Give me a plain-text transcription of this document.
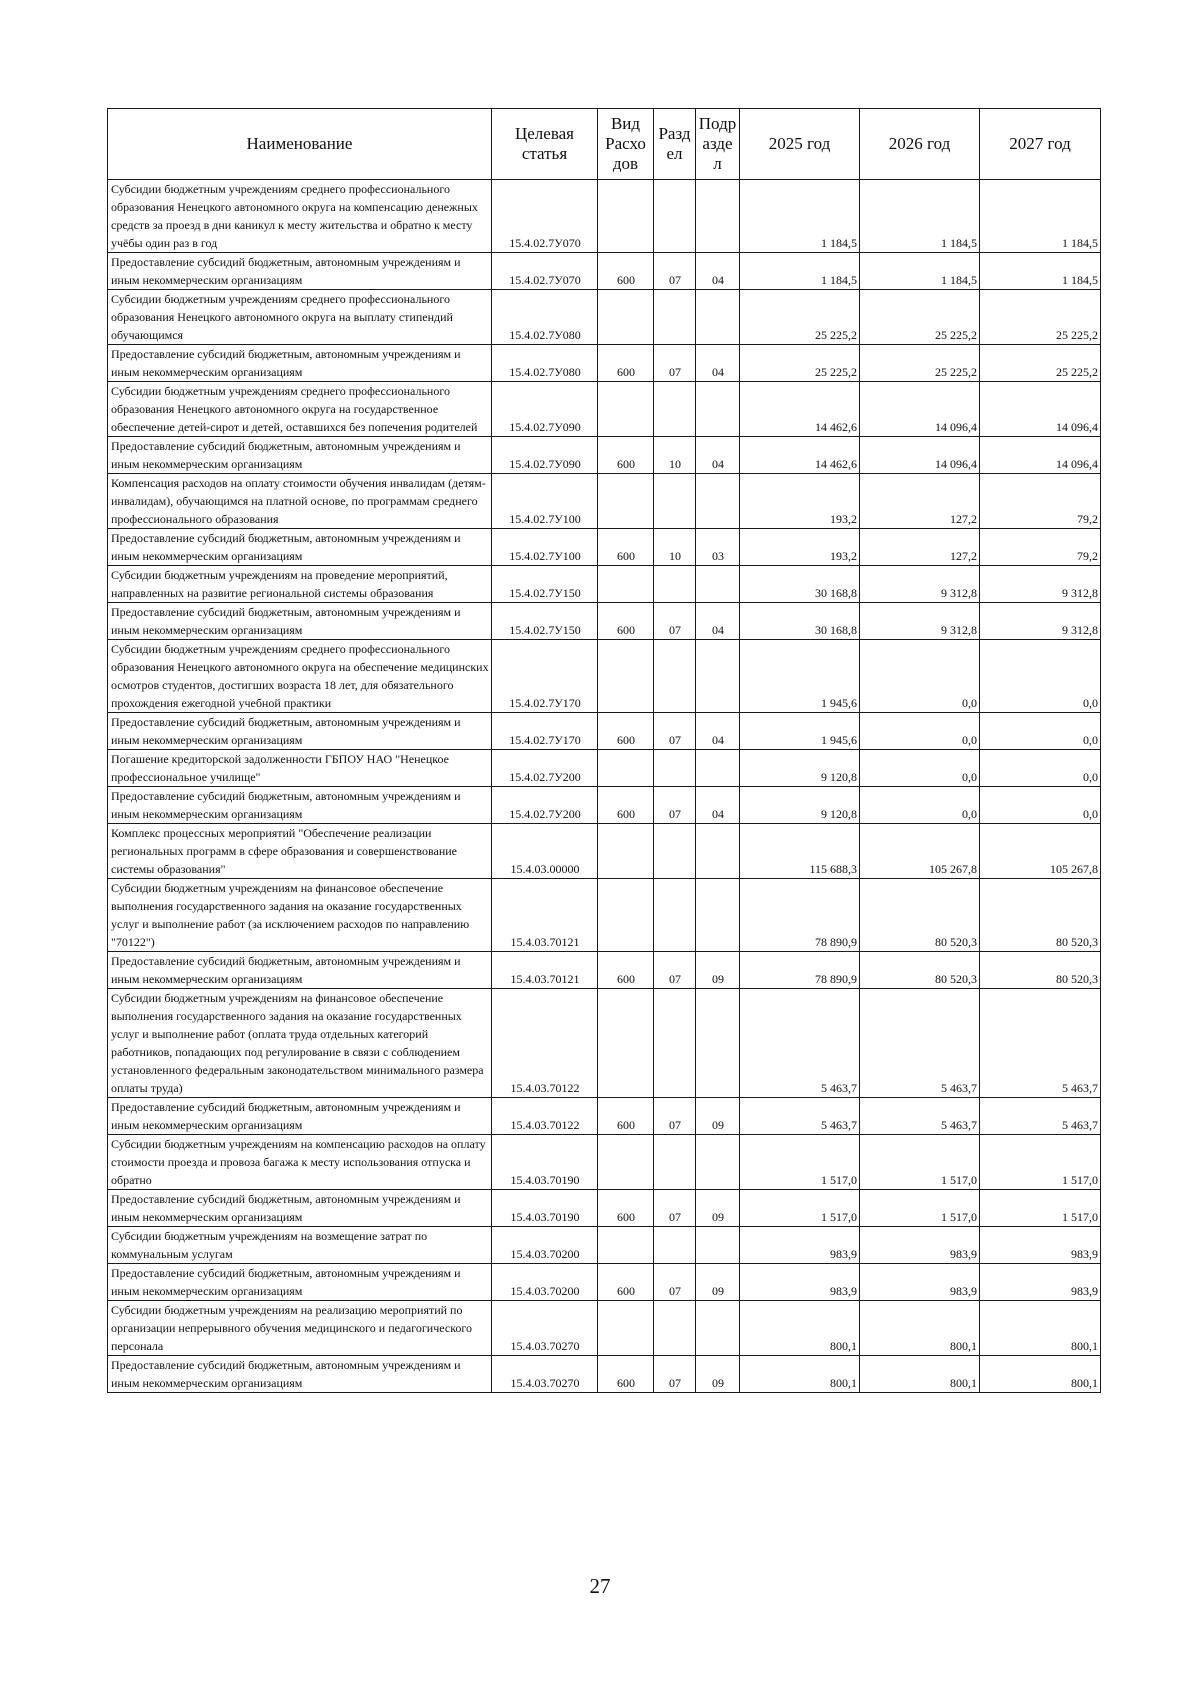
Наименование	Целевая статья	Вид Расхо дов	Разд ел	Подр азде л	2025 год	2026 год	2027 год
Субсидии бюджетным учреждениям среднего профессионального образования Ненецкого автономного округа на компенсацию денежных средств за проезд в дни каникул к месту жительства и обратно к месту учёбы один раз в год	15.4.02.7У070				1 184,5	1 184,5	1 184,5
Предоставление субсидий бюджетным, автономным учреждениям и иным некоммерческим организациям	15.4.02.7У070	600	07	04	1 184,5	1 184,5	1 184,5
Субсидии бюджетным учреждениям среднего профессионального образования Ненецкого автономного округа на выплату стипендий обучающимся	15.4.02.7У080				25 225,2	25 225,2	25 225,2
Предоставление субсидий бюджетным, автономным учреждениям и иным некоммерческим организациям	15.4.02.7У080	600	07	04	25 225,2	25 225,2	25 225,2
Субсидии бюджетным учреждениям среднего профессионального образования Ненецкого автономного округа на государственное обеспечение детей-сирот и детей, оставшихся без попечения родителей	15.4.02.7У090				14 462,6	14 096,4	14 096,4
Предоставление субсидий бюджетным, автономным учреждениям и иным некоммерческим организациям	15.4.02.7У090	600	10	04	14 462,6	14 096,4	14 096,4
Компенсация расходов на оплату стоимости обучения инвалидам (детям-инвалидам), обучающимся на платной основе, по программам среднего профессионального образования	15.4.02.7У100				193,2	127,2	79,2
Предоставление субсидий бюджетным, автономным учреждениям и иным некоммерческим организациям	15.4.02.7У100	600	10	03	193,2	127,2	79,2
Субсидии бюджетным учреждениям на проведение мероприятий, направленных на развитие региональной системы образования	15.4.02.7У150				30 168,8	9 312,8	9 312,8
Предоставление субсидий бюджетным, автономным учреждениям и иным некоммерческим организациям	15.4.02.7У150	600	07	04	30 168,8	9 312,8	9 312,8
Субсидии бюджетным учреждениям среднего профессионального образования Ненецкого автономного округа на обеспечение медицинских осмотров студентов, достигших возраста 18 лет, для обязательного прохождения ежегодной учебной практики	15.4.02.7У170				1 945,6	0,0	0,0
Предоставление субсидий бюджетным, автономным учреждениям и иным некоммерческим организациям	15.4.02.7У170	600	07	04	1 945,6	0,0	0,0
Погашение кредиторской задолженности ГБПОУ НАО "Ненецкое профессиональное училище"	15.4.02.7У200				9 120,8	0,0	0,0
Предоставление субсидий бюджетным, автономным учреждениям и иным некоммерческим организациям	15.4.02.7У200	600	07	04	9 120,8	0,0	0,0
Комплекс процессных мероприятий "Обеспечение реализации региональных программ в сфере образования и совершенствование системы образования"	15.4.03.00000				115 688,3	105 267,8	105 267,8
Субсидии бюджетным учреждениям на финансовое обеспечение выполнения государственного задания на оказание государственных услуг и выполнение работ (за исключением расходов по направлению "70122")	15.4.03.70121				78 890,9	80 520,3	80 520,3
Предоставление субсидий бюджетным, автономным учреждениям и иным некоммерческим организациям	15.4.03.70121	600	07	09	78 890,9	80 520,3	80 520,3
Субсидии бюджетным учреждениям на финансовое обеспечение выполнения государственного задания на оказание государственных услуг и выполнение работ (оплата труда отдельных категорий работников, попадающих под регулирование в связи с соблюдением установленного федеральным законодательством минимального размера оплаты труда)	15.4.03.70122				5 463,7	5 463,7	5 463,7
Предоставление субсидий бюджетным, автономным учреждениям и иным некоммерческим организациям	15.4.03.70122	600	07	09	5 463,7	5 463,7	5 463,7
Субсидии бюджетным учреждениям на компенсацию расходов на оплату стоимости проезда и провоза багажа к месту использования отпуска и обратно	15.4.03.70190				1 517,0	1 517,0	1 517,0
Предоставление субсидий бюджетным, автономным учреждениям и иным некоммерческим организациям	15.4.03.70190	600	07	09	1 517,0	1 517,0	1 517,0
Субсидии бюджетным учреждениям на возмещение затрат по коммунальным услугам	15.4.03.70200				983,9	983,9	983,9
Предоставление субсидий бюджетным, автономным учреждениям и иным некоммерческим организациям	15.4.03.70200	600	07	09	983,9	983,9	983,9
Субсидии бюджетным учреждениям на реализацию мероприятий по организации непрерывного обучения медицинского и педагогического персонала	15.4.03.70270				800,1	800,1	800,1
Предоставление субсидий бюджетным, автономным учреждениям и иным некоммерческим организациям	15.4.03.70270	600	07	09	800,1	800,1	800,1
27
